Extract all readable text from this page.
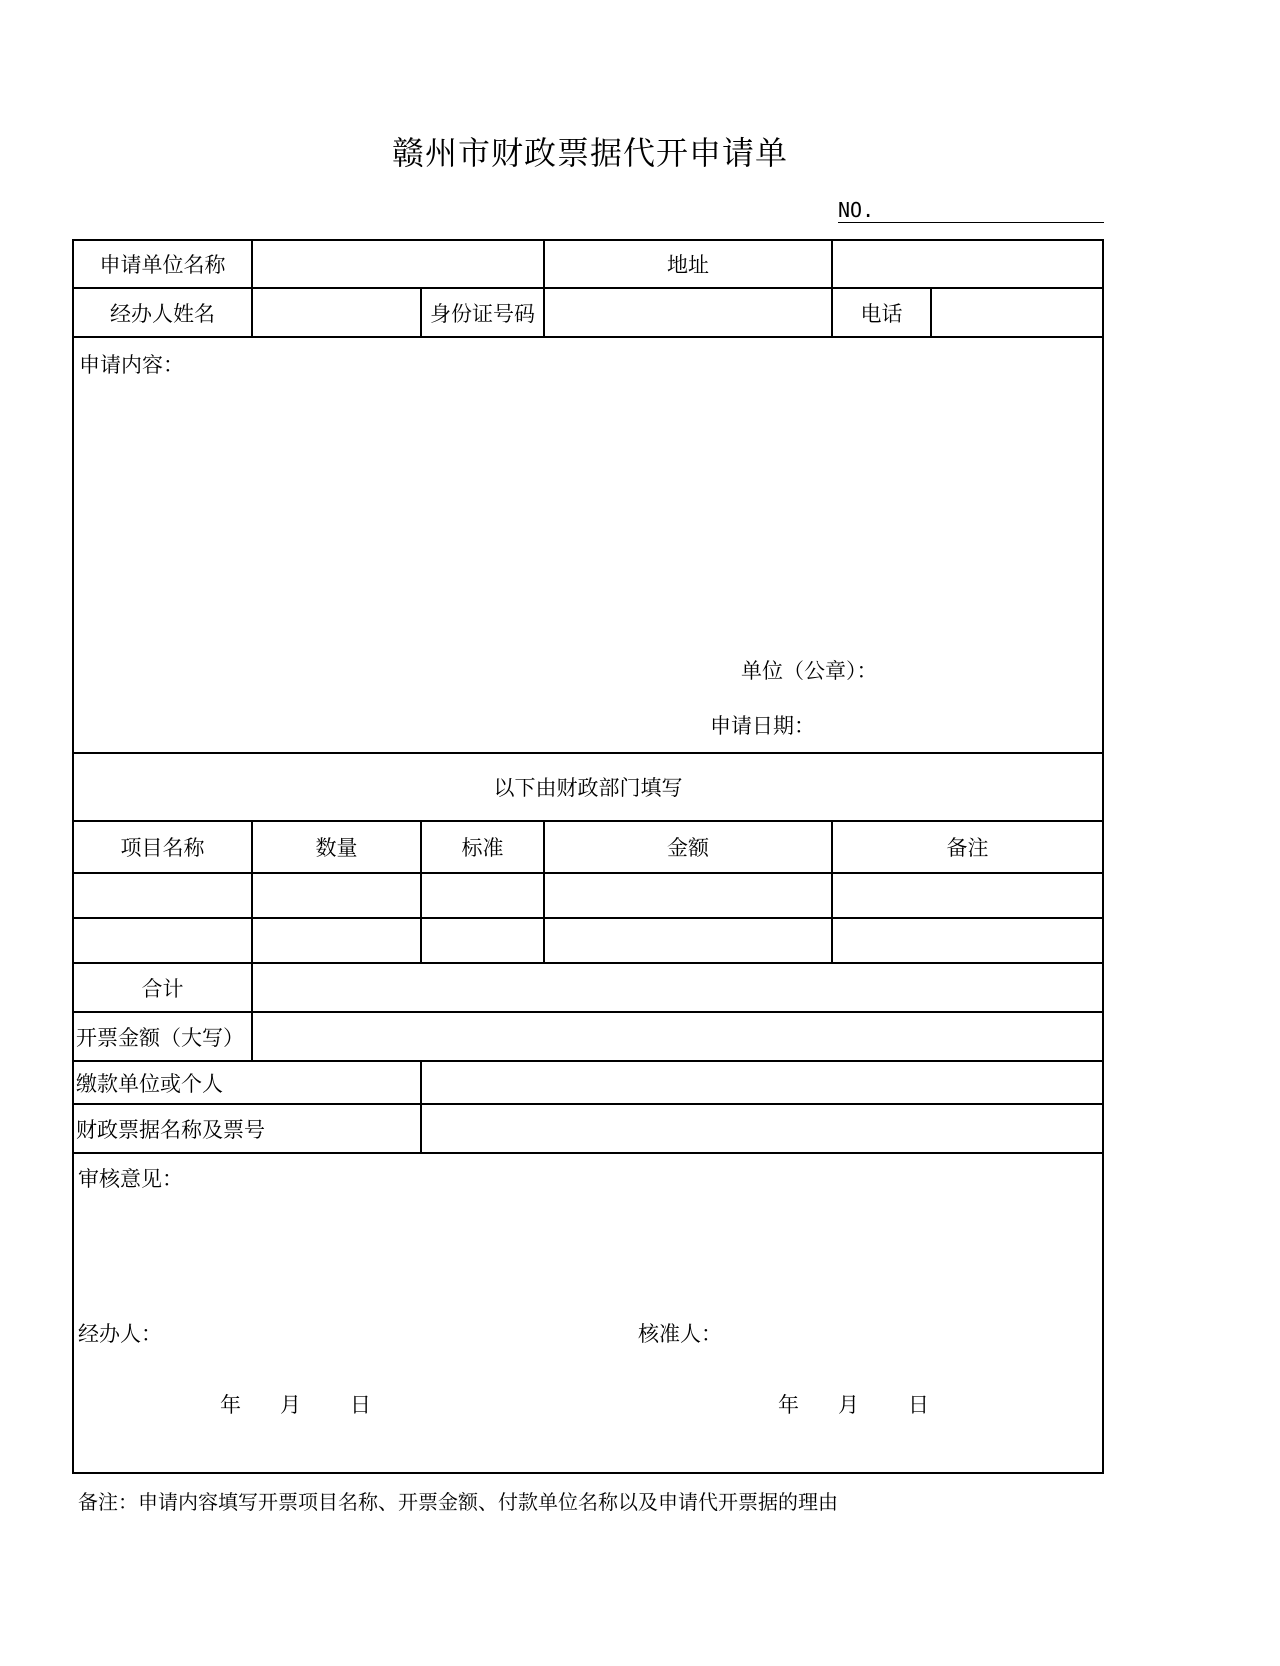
赣州市财政票据代开申请单
NO.
申请单位名称	地址
经办人姓名	身份证号码	电话
申请内容：
单位（公章）：
申请日期：
以下由财政部门填写
项目名称	数量	标准	金额	备注
合计
开票金额（大写）
缴款单位或个人
财政票据名称及票号
审核意见：
经办人：	核准人：
年 月 日	年 月 日
备注：申请内容填写开票项目名称、开票金额、付款单位名称以及申请代开票据的理由
